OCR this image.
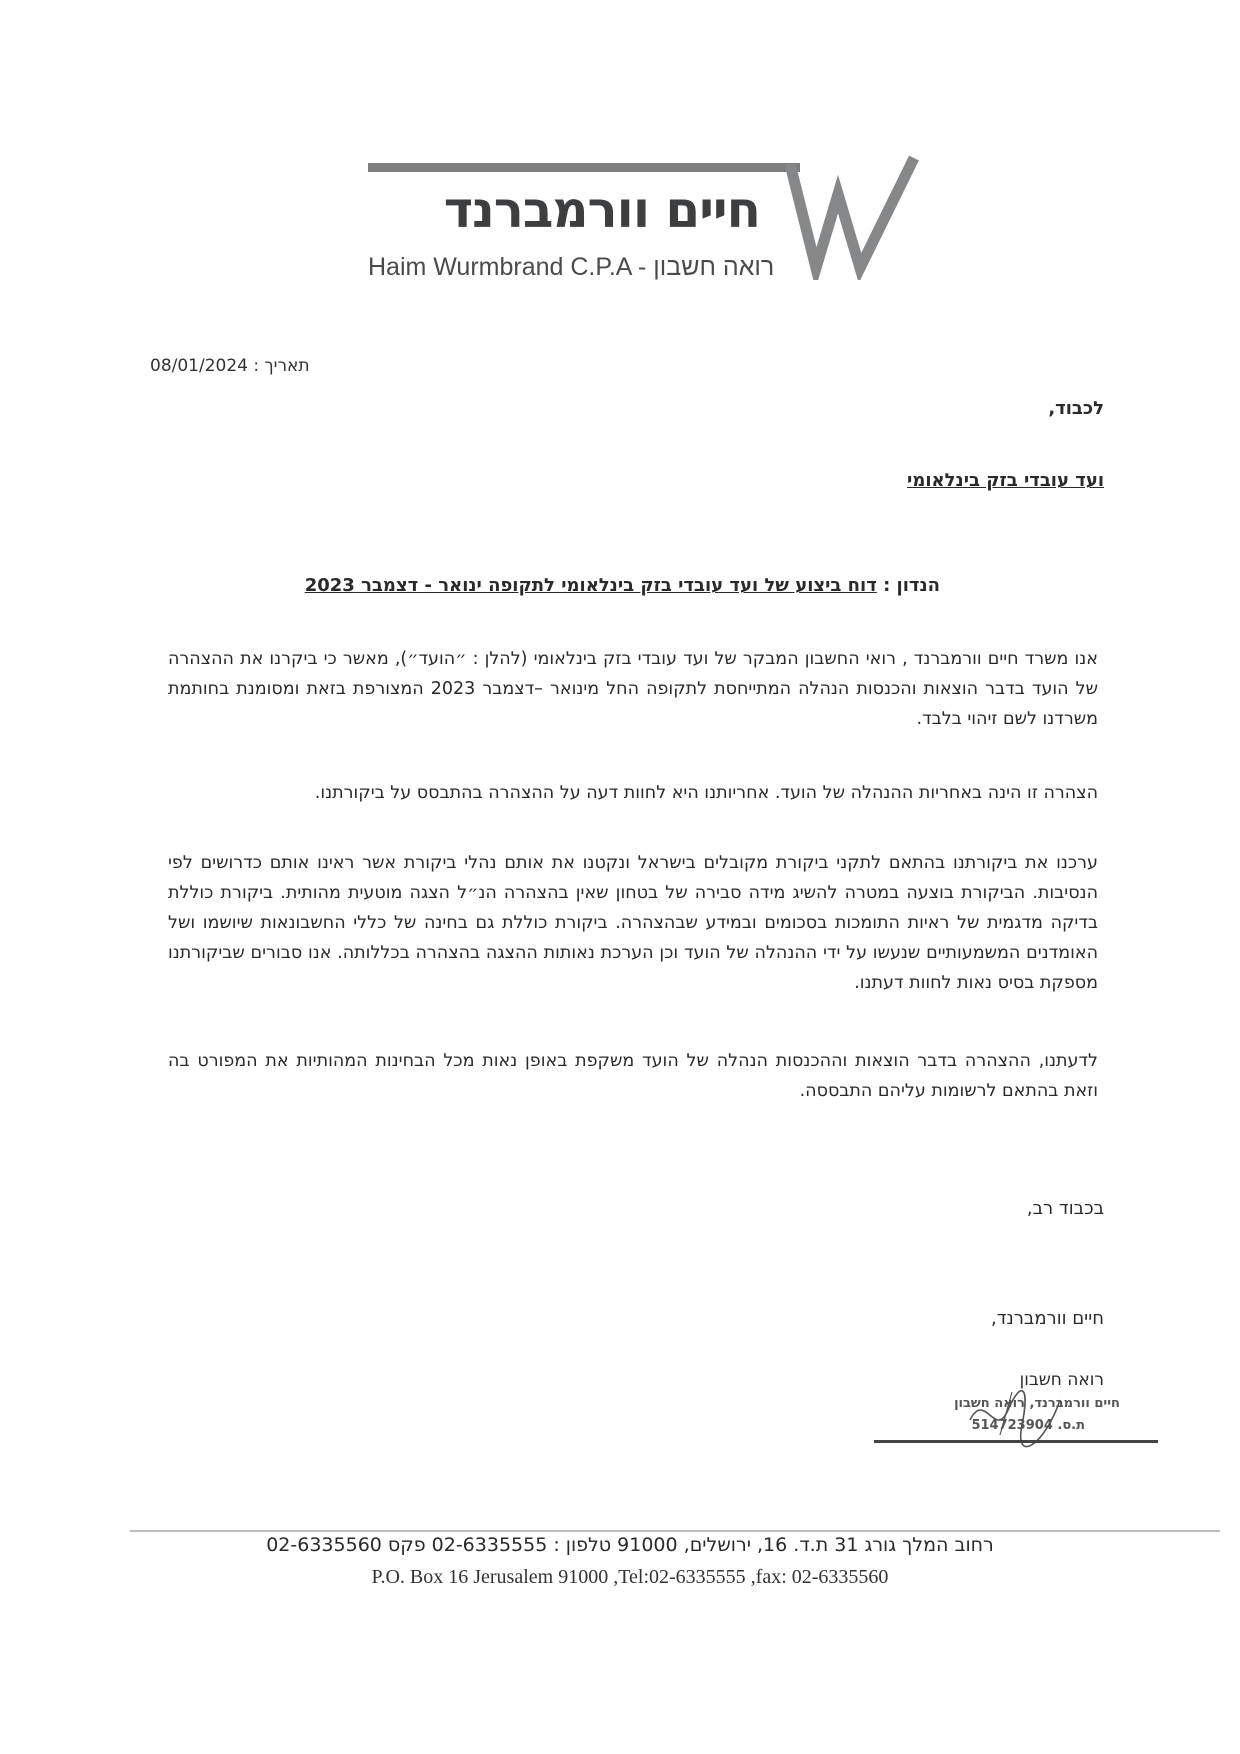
חיים וורמברנד
Haim Wurmbrand C.P.A - רואה חשבון
תאריך : 08/01/2024
לכבוד,
ועד עובדי בזק בינלאומי
הנדון : דוח ביצוע של ועד עובדי בזק בינלאומי לתקופה ינואר - דצמבר 2023
אנו משרד חיים וורמברנד , רואי החשבון המבקר של ועד עובדי בזק בינלאומי (להלן : ״הועד״), מאשר כי ביקרנו את ההצהרה של הועד בדבר הוצאות והכנסות הנהלה המתייחסת לתקופה החל מינואר –דצמבר 2023 המצורפת בזאת ומסומנת בחותמת משרדנו לשם זיהוי בלבד.
הצהרה זו הינה באחריות ההנהלה של הועד. אחריותנו היא לחוות דעה על ההצהרה בהתבסס על ביקורתנו.
ערכנו את ביקורתנו בהתאם לתקני ביקורת מקובלים בישראל ונקטנו את אותם נהלי ביקורת אשר ראינו אותם כדרושים לפי הנסיבות. הביקורת בוצעה במטרה להשיג מידה סבירה של בטחון שאין בהצהרה הנ״ל הצגה מוטעית מהותית. ביקורת כוללת בדיקה מדגמית של ראיות התומכות בסכומים ובמידע שבהצהרה. ביקורת כוללת גם בחינה של כללי החשבונאות שיושמו ושל האומדנים המשמעותיים שנעשו על ידי ההנהלה של הועד וכן הערכת נאותות ההצגה בהצהרה בכללותה. אנו סבורים שביקורתנו מספקת בסיס נאות לחוות דעתנו.
לדעתנו, ההצהרה בדבר הוצאות וההכנסות הנהלה של הועד משקפת באופן נאות מכל הבחינות המהותיות את המפורט בה וזאת בהתאם לרשומות עליהם התבססה.
בכבוד רב,
חיים וורמברנד,
רואה חשבון
חיים וורמברנד, רואה חשבון
ת.ס. 514723904
רחוב המלך גורג 31 ת.ד. 16, ירושלים, 91000 טלפון : 02-6335555 פקס 02-6335560
P.O. Box 16 Jerusalem 91000 ,Tel:02-6335555 ,fax: 02-6335560
